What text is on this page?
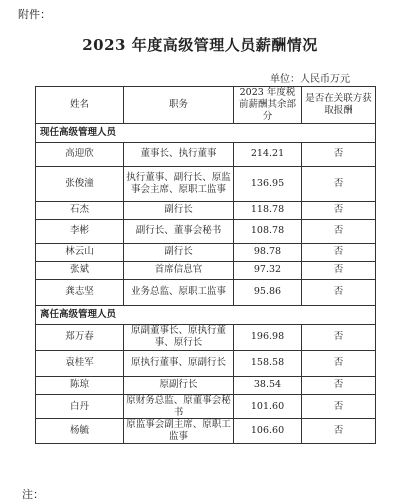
附件：
2023 年度高级管理人员薪酬情况
单位：人民币万元
姓名	职务	2023 年度税前薪酬其余部分	是否在关联方获取报酬
现任高级管理人员			
高迎欣	董事长、执行董事	214.21	否
张俊潼	执行董事、副行长、原监事会主席、原职工监事	136.95	否
石杰	副行长	118.78	否
李彬	副行长、董事会秘书	108.78	否
林云山	副行长	98.78	否
张斌	首席信息官	97.32	否
龚志坚	业务总监、原职工监事	95.86	否
离任高级管理人员			
郑万春	原副董事长、原执行董事、原行长	196.98	否
袁桂军	原执行董事、原副行长	158.58	否
陈琼	原副行长	38.54	否
白丹	原财务总监、原董事会秘书	101.60	否
杨毓	原监事会副主席、原职工监事	106.60	否
注：
